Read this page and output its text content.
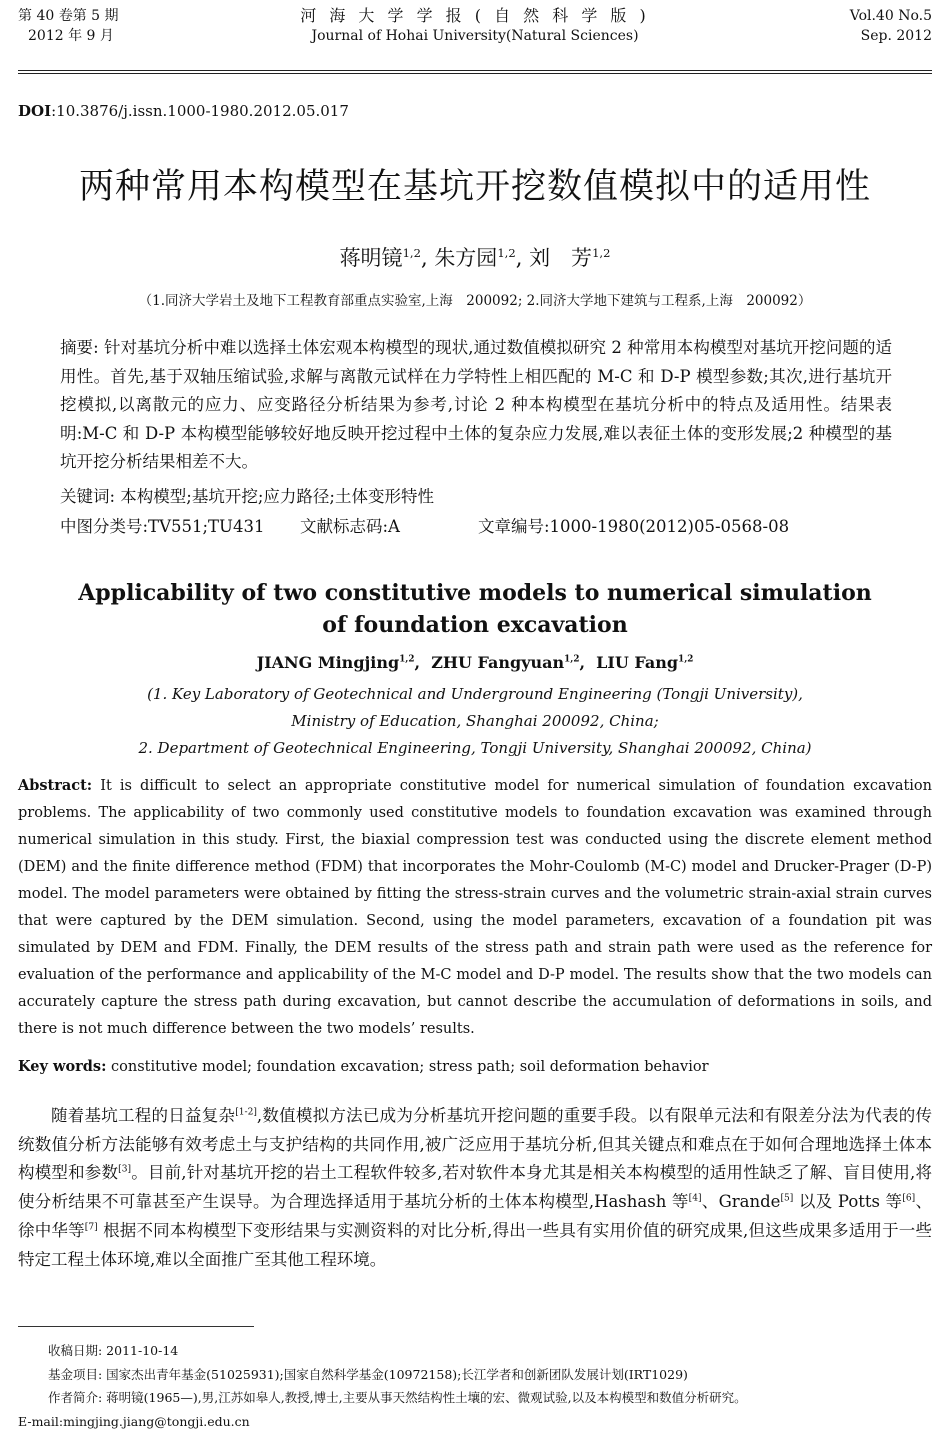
第 40 卷第 5 期
2012 年 9 月
河 海 大 学 学 报 ( 自 然 科 学 版 )
Journal of Hohai University(Natural Sciences)
Vol.40 No.5
Sep. 2012
DOI:10.3876/j.issn.1000-1980.2012.05.017
两种常用本构模型在基坑开挖数值模拟中的适用性
蒋明镜$^{1,2}$, 朱方园$^{1,2}$, 刘　芳$^{1,2}$
（1.同济大学岩土及地下工程教育部重点实验室,上海　200092; 2.同济大学地下建筑与工程系,上海　200092）
摘要: 针对基坑分析中难以选择土体宏观本构模型的现状,通过数值模拟研究 2 种常用本构模型对基坑开挖问题的适用性。首先,基于双轴压缩试验,求解与离散元试样在力学特性上相匹配的 M-C 和 D-P 模型参数;其次,进行基坑开挖模拟,以离散元的应力、应变路径分析结果为参考,讨论 2 种本构模型在基坑分析中的特点及适用性。结果表明:M-C 和 D-P 本构模型能够较好地反映开挖过程中土体的复杂应力发展,难以表征土体的变形发展;2 种模型的基坑开挖分析结果相差不大。
关键词: 本构模型;基坑开挖;应力路径;土体变形特性
中图分类号:TV551;TU431	文献标志码:A	文章编号:1000-1980(2012)05-0568-08
Applicability of two constitutive models to numerical simulation
of foundation excavation
JIANG Mingjing$^{1,2}$,  ZHU Fangyuan$^{1,2}$,  LIU Fang$^{1,2}$
(1. Key Laboratory of Geotechnical and Underground Engineering (Tongji University),
Ministry of Education, Shanghai 200092, China;
2. Department of Geotechnical Engineering, Tongji University, Shanghai 200092, China)
Abstract: It is difficult to select an appropriate constitutive model for numerical simulation of foundation excavation problems. The applicability of two commonly used constitutive models to foundation excavation was examined through numerical simulation in this study. First, the biaxial compression test was conducted using the discrete element method (DEM) and the finite difference method (FDM) that incorporates the Mohr-Coulomb (M-C) model and Drucker-Prager (D-P) model. The model parameters were obtained by fitting the stress-strain curves and the volumetric strain-axial strain curves that were captured by the DEM simulation. Second, using the model parameters, excavation of a foundation pit was simulated by DEM and FDM. Finally, the DEM results of the stress path and strain path were used as the reference for evaluation of the performance and applicability of the M-C model and D-P model. The results show that the two models can accurately capture the stress path during excavation, but cannot describe the accumulation of deformations in soils, and there is not much difference between the two models’ results.
Key words: constitutive model; foundation excavation; stress path; soil deformation behavior
随着基坑工程的日益复杂[1-2],数值模拟方法已成为分析基坑开挖问题的重要手段。以有限单元法和有限差分法为代表的传统数值分析方法能够有效考虑土与支护结构的共同作用,被广泛应用于基坑分析,但其关键点和难点在于如何合理地选择土体本构模型和参数[3]。目前,针对基坑开挖的岩土工程软件较多,若对软件本身尤其是相关本构模型的适用性缺乏了解、盲目使用,将使分析结果不可靠甚至产生误导。为合理选择适用于基坑分析的土体本构模型,Hashash 等[4]、Grande[5] 以及 Potts 等[6]、徐中华等[7] 根据不同本构模型下变形结果与实测资料的对比分析,得出一些具有实用价值的研究成果,但这些成果多适用于一些特定工程土体环境,难以全面推广至其他工程环境。
收稿日期: 2011-10-14
基金项目: 国家杰出青年基金(51025931);国家自然科学基金(10972158);长江学者和创新团队发展计划(IRT1029)
作者简介: 蒋明镜(1965—),男,江苏如皋人,教授,博士,主要从事天然结构性土壤的宏、微观试验,以及本构模型和数值分析研究。
E-mail:mingjing.jiang@tongji.edu.cn
